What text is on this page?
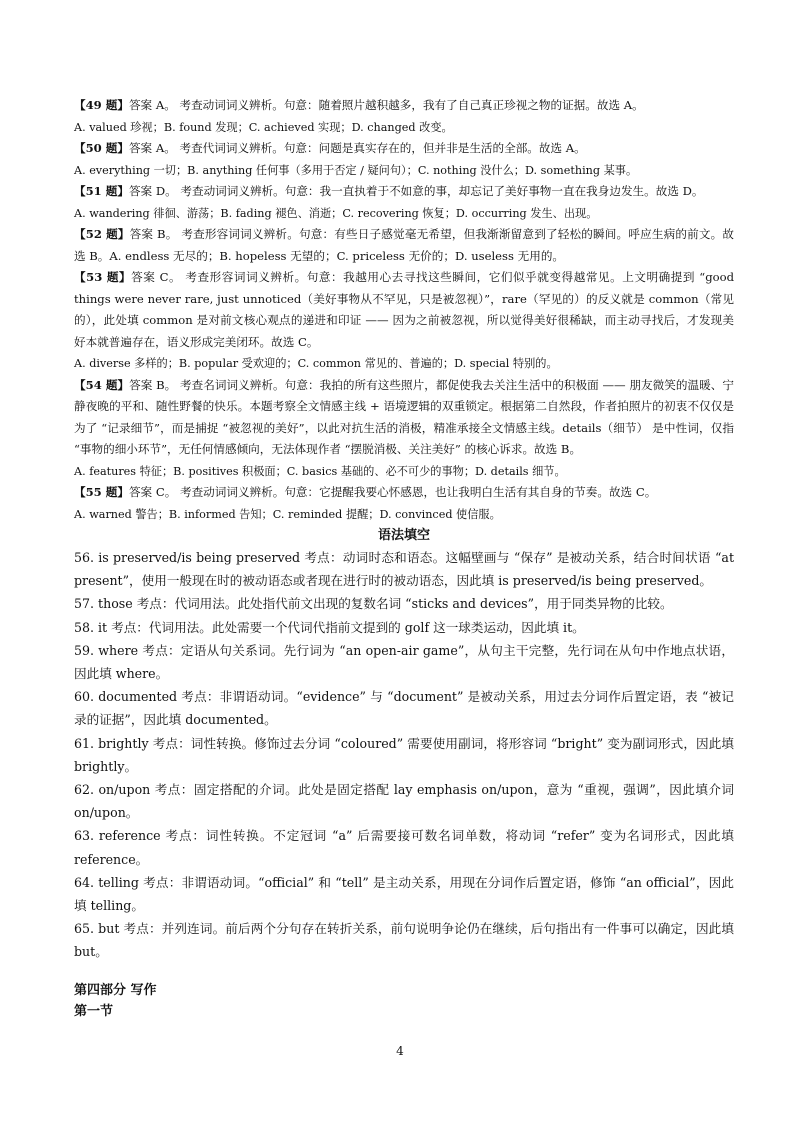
【49 题】答案 A。 考查动词词义辨析。句意：随着照片越积越多，我有了自己真正珍视之物的证据。故选 A。

A. valued 珍视；B. found 发现；C. achieved 实现；D. changed 改变。

【50 题】答案 A。 考查代词词义辨析。句意：问题是真实存在的，但并非是生活的全部。故选 A。

A. everything 一切；B. anything 任何事（多用于否定 / 疑问句）；C. nothing 没什么；D. something 某事。

【51 题】答案 D。 考查动词词义辨析。句意：我一直执着于不如意的事，却忘记了美好事物一直在我身边发生。故选 D。

A. wandering 徘徊、游荡；B. fading 褪色、消逝；C. recovering 恢复；D. occurring 发生、出现。

【52 题】答案 B。 考查形容词词义辨析。句意：有些日子感觉毫无希望，但我渐渐留意到了轻松的瞬间。呼应生病的前文。故选 B。A. endless 无尽的；B. hopeless 无望的；C. priceless 无价的；D. useless 无用的。

【53 题】答案 C。 考查形容词词义辨析。句意：我越用心去寻找这些瞬间，它们似乎就变得越常见。上文明确提到 “good things were never rare, just unnoticed（美好事物从不罕见，只是被忽视）”，rare（罕见的）的反义就是 common（常见的），此处填 common 是对前文核心观点的递进和印证 —— 因为之前被忽视，所以觉得美好很稀缺，而主动寻找后，才发现美好本就普遍存在，语义形成完美闭环。故选 C。

A. diverse 多样的；B. popular 受欢迎的；C. common 常见的、普遍的；D. special 特别的。

【54 题】答案 B。 考查名词词义辨析。句意：我拍的所有这些照片，都促使我去关注生活中的积极面 —— 朋友微笑的温暖、宁静夜晚的平和、随性野餐的快乐。本题考察全文情感主线 + 语境逻辑的双重锁定。根据第二自然段，作者拍照片的初衷不仅仅是为了 “记录细节”，而是捕捉 “被忽视的美好”，以此对抗生活的消极，精准承接全文情感主线。details（细节） 是中性词，仅指 “事物的细小环节”，无任何情感倾向，无法体现作者 “摆脱消极、关注美好” 的核心诉求。故选 B。

A. features 特征；B. positives 积极面；C. basics 基础的、必不可少的事物；D. details 细节。

【55 题】答案 C。 考查动词词义辨析。句意：它提醒我要心怀感恩，也让我明白生活有其自身的节奏。故选 C。

A. warned 警告；B. informed 告知；C. reminded 提醒；D. convinced 使信服。

语法填空

56. is preserved/is being preserved 考点：动词时态和语态。这幅壁画与 “保存” 是被动关系，结合时间状语 “at present”，使用一般现在时的被动语态或者现在进行时的被动语态，因此填 is preserved/is being preserved。

57. those 考点：代词用法。此处指代前文出现的复数名词 “sticks and devices”，用于同类异物的比较。

58. it 考点：代词用法。此处需要一个代词代指前文提到的 golf 这一球类运动，因此填 it。

59. where 考点：定语从句关系词。先行词为 “an open-air game”，从句主干完整，先行词在从句中作地点状语，因此填 where。

60. documented 考点：非谓语动词。“evidence” 与 “document” 是被动关系，用过去分词作后置定语，表 “被记录的证据”，因此填 documented。

61. brightly 考点：词性转换。修饰过去分词 “coloured” 需要使用副词，将形容词 “bright” 变为副词形式，因此填 brightly。

62. on/upon 考点：固定搭配的介词。此处是固定搭配 lay emphasis on/upon，意为 “重视，强调”，因此填介词 on/upon。

63. reference 考点：词性转换。不定冠词 “a” 后需要接可数名词单数，将动词 “refer” 变为名词形式，因此填 reference。

64. telling 考点：非谓语动词。“official” 和 “tell” 是主动关系，用现在分词作后置定语，修饰 “an official”，因此填 telling。

65. but 考点：并列连词。前后两个分句存在转折关系，前句说明争论仍在继续，后句指出有一件事可以确定，因此填 but。

第四部分 写作

第一节

4
